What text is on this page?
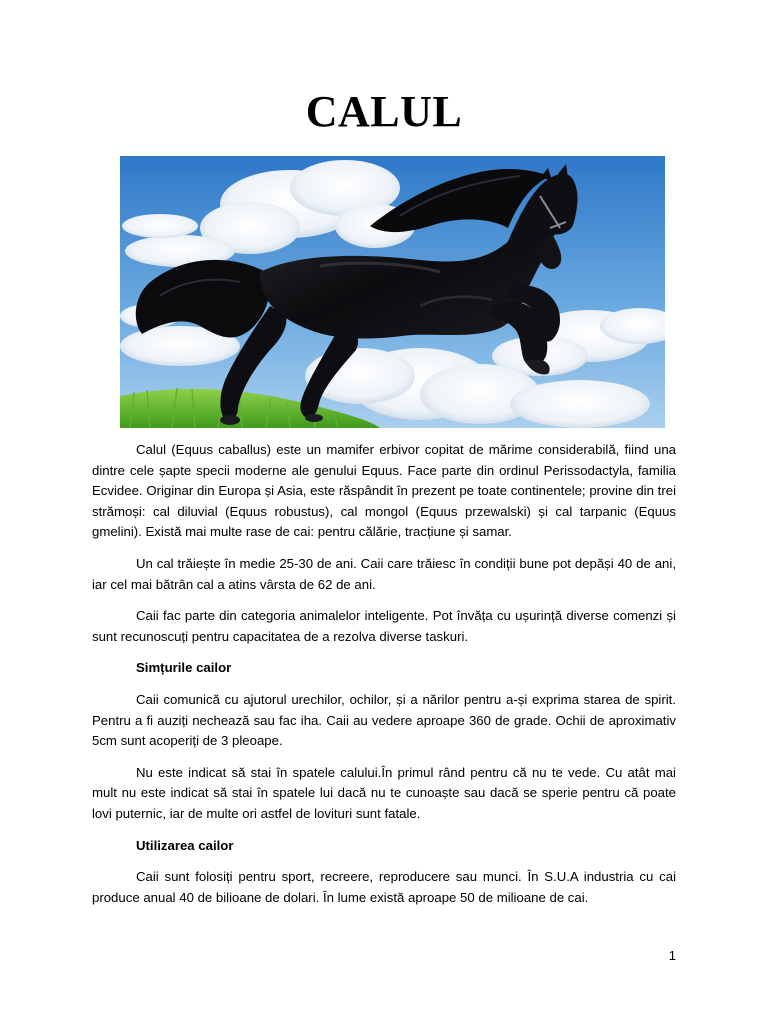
CALUL

Calul (Equus caballus) este un mamifer erbivor copitat de mărime considerabilă, fiind una dintre cele șapte specii moderne ale genului Equus. Face parte din ordinul Perissodactyla, familia Ecvidee. Originar din Europa și Asia, este răspândit în prezent pe toate continentele; provine din trei strămoși: cal diluvial (Equus robustus), cal mongol (Equus przewalski) și cal tarpanic (Equus gmelini). Există mai multe rase de cai: pentru călărie, tracțiune și samar.

Un cal trăiește în medie 25-30 de ani. Caii care trăiesc în condiții bune pot depăși 40 de ani, iar cel mai bătrân cal a atins vârsta de 62 de ani.

Caii fac parte din categoria animalelor inteligente. Pot învăța cu ușurință diverse comenzi și sunt recunoscuți pentru capacitatea de a rezolva diverse taskuri.

Simțurile cailor

Caii comunică cu ajutorul urechilor, ochilor, și a nărilor pentru a-și exprima starea de spirit. Pentru a fi auziți nechează sau fac iha. Caii au vedere aproape 360 de grade. Ochii de aproximativ 5cm sunt acoperiți de 3 pleoape.

Nu este indicat să stai în spatele calului.În primul rând pentru că nu te vede. Cu atât mai mult nu este indicat să stai în spatele lui dacă nu te cunoaște sau dacă se sperie pentru că poate lovi puternic, iar de multe ori astfel de lovituri sunt fatale.

Utilizarea cailor

Caii sunt folosiți pentru sport, recreere, reproducere sau munci. În S.U.A industria cu cai produce anual 40 de bilioane de dolari. În lume există aproape 50 de milioane de cai.

1
